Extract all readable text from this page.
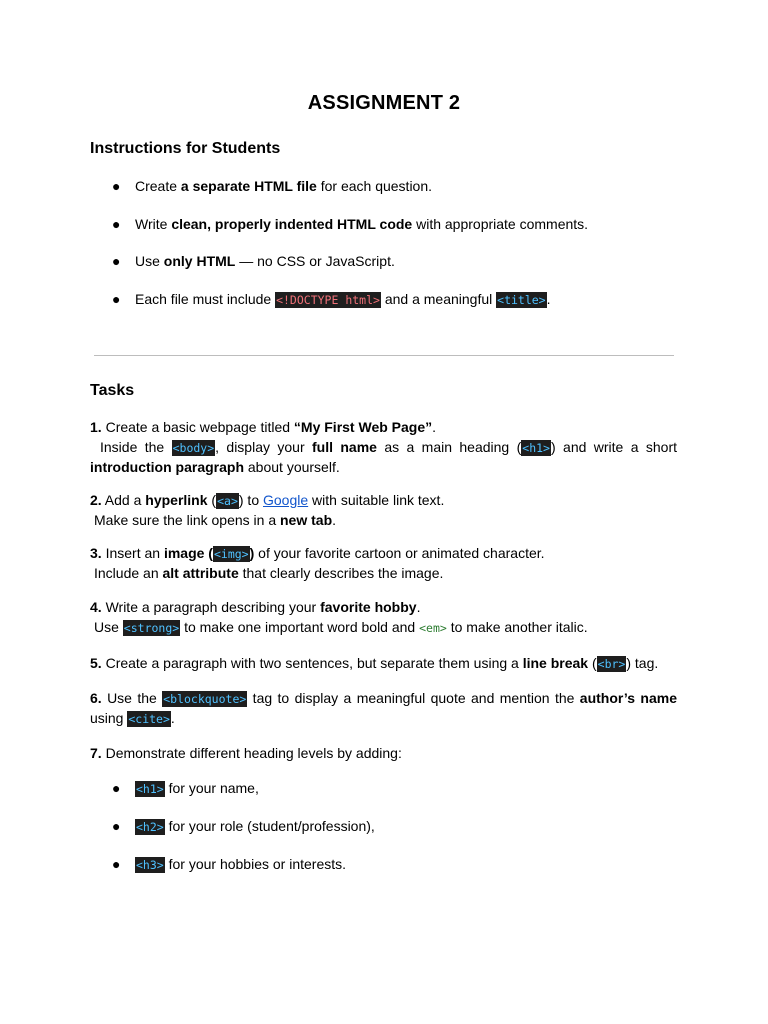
ASSIGNMENT 2
Instructions for Students
● Create a separate HTML file for each question.
● Write clean, properly indented HTML code with appropriate comments.
● Use only HTML — no CSS or JavaScript.
● Each file must include <!DOCTYPE html> and a meaningful <title>.
Tasks
1. Create a basic webpage titled “My First Web Page”.
Inside the <body>, display your full name as a main heading (<h1>) and write a short
introduction paragraph about yourself.
2. Add a hyperlink (<a>) to Google with suitable link text.
Make sure the link opens in a new tab.
3. Insert an image (<img>) of your favorite cartoon or animated character.
Include an alt attribute that clearly describes the image.
4. Write a paragraph describing your favorite hobby.
Use <strong> to make one important word bold and <em> to make another italic.
5. Create a paragraph with two sentences, but separate them using a line break (<br>) tag.
6. Use the <blockquote> tag to display a meaningful quote and mention the author’s name
using <cite>.
7. Demonstrate different heading levels by adding:
● <h1> for your name,
● <h2> for your role (student/profession),
● <h3> for your hobbies or interests.
